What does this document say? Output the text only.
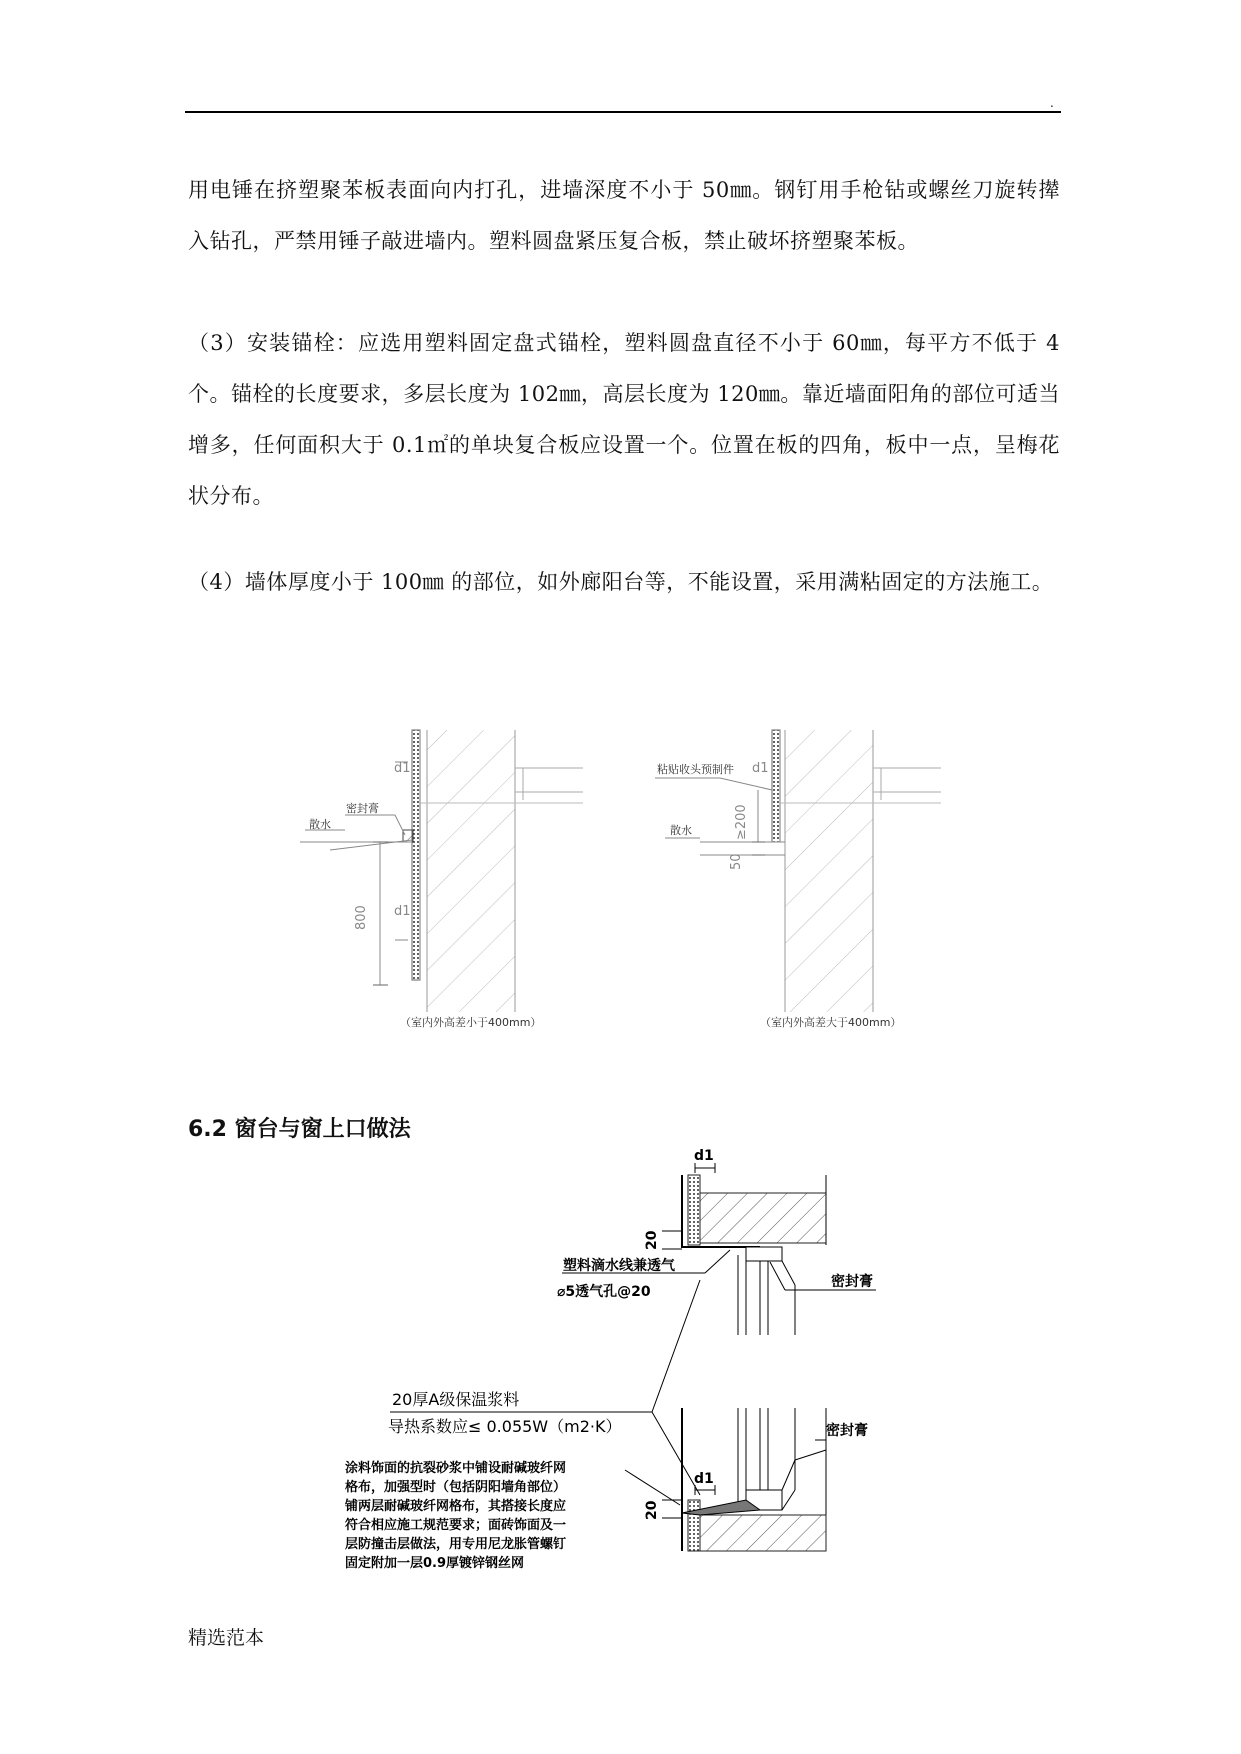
.

用电锤在挤塑聚苯板表面向内打孔，进墙深度不小于 50㎜。钢钉用手枪钻或螺丝刀旋转撵入钻孔，严禁用锤子敲进墙内。塑料圆盘紧压复合板，禁止破坏挤塑聚苯板。

（3）安装锚栓：应选用塑料固定盘式锚栓，塑料圆盘直径不小于 60㎜，每平方不低于 4 个。锚栓的长度要求，多层长度为 102㎜，高层长度为 120㎜。靠近墙面阳角的部位可适当增多，任何面积大于 0.1㎡的单块复合板应设置一个。位置在板的四角，板中一点，呈梅花状分布。

（4）墙体厚度小于 100㎜ 的部位，如外廊阳台等，不能设置，采用满粘固定的方法施工。

d1
密封膏
散水
800 d1
（室内外高差小于400mm）
粘贴收头预制件 d1
≥200
散水
50
（室内外高差大于400mm）
6.2 窗台与窗上口做法
d1
20
塑料滴水线兼透气
⌀5透气孔@20
密封膏
d1
20
密封膏
20厚A级保温浆料
导热系数应≤ 0.055W（m2·K）
涂料饰面的抗裂砂浆中铺设耐碱玻纤网
格布，加强型时（包括阴阳墙角部位）
铺两层耐碱玻纤网格布，其搭接长度应
符合相应施工规范要求；面砖饰面及一
层防撞击层做法，用专用尼龙胀管螺钉
固定附加一层0.9厚镀锌钢丝网
精选范本
